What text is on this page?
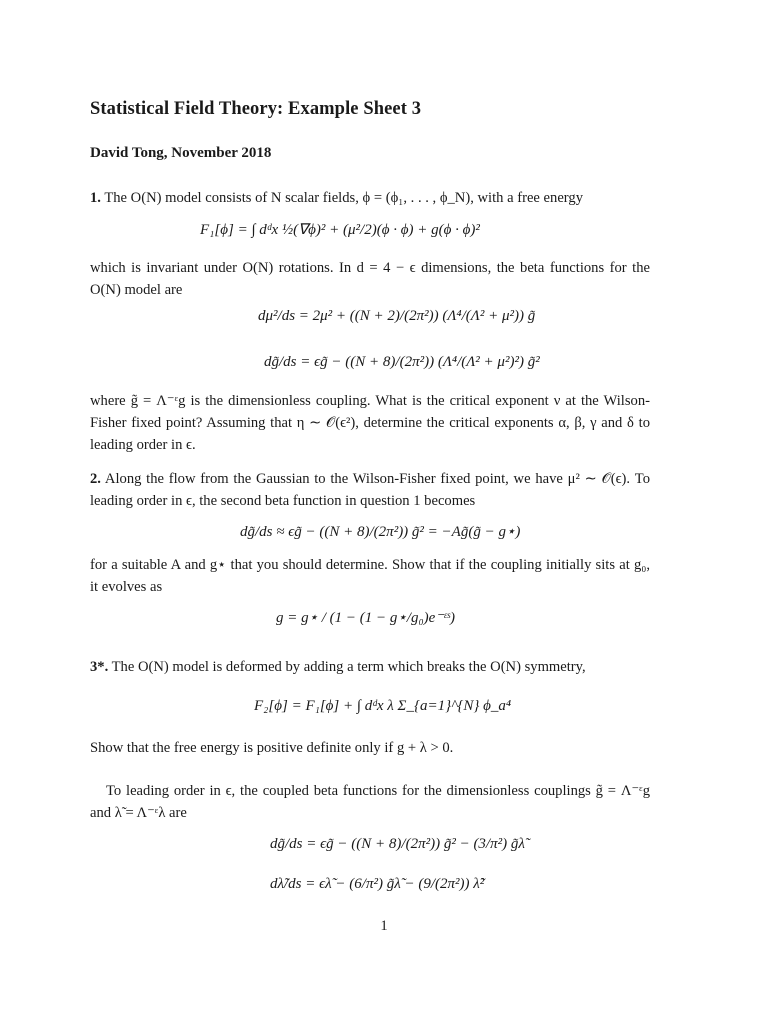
Statistical Field Theory: Example Sheet 3
David Tong, November 2018
1. The O(N) model consists of N scalar fields, ϕ = (ϕ₁, . . . , ϕ_N), with a free energy
F₁[ϕ] = ∫ dᵈx ½(∇ϕ)² + (μ²/2)(ϕ · ϕ) + g(ϕ · ϕ)²
which is invariant under O(N) rotations. In d = 4 − ϵ dimensions, the beta functions for the O(N) model are
dμ²/ds = 2μ² + ((N + 2)/(2π²)) (Λ⁴/(Λ² + μ²)) g̃
dg̃/ds = ϵg̃ − ((N + 8)/(2π²)) (Λ⁴/(Λ² + μ²)²) g̃²
where g̃ = Λ⁻ᵋg is the dimensionless coupling. What is the critical exponent ν at the Wilson-Fisher fixed point? Assuming that η ∼ 𝒪(ϵ²), determine the critical exponents α, β, γ and δ to leading order in ϵ.
2. Along the flow from the Gaussian to the Wilson-Fisher fixed point, we have μ² ∼ 𝒪(ϵ). To leading order in ϵ, the second beta function in question 1 becomes
dg̃/ds ≈ ϵg̃ − ((N + 8)/(2π²)) g̃² = −Ag̃(g̃ − g⋆)
for a suitable A and g⋆ that you should determine. Show that if the coupling initially sits at g₀, it evolves as
g = g⋆ / (1 − (1 − g⋆/g₀)e⁻ᵋˢ)
3*. The O(N) model is deformed by adding a term which breaks the O(N) symmetry,
F₂[ϕ] = F₁[ϕ] + ∫ dᵈx λ Σ_{a=1}^{N} ϕ_a⁴
Show that the free energy is positive definite only if g + λ > 0.
To leading order in ϵ, the coupled beta functions for the dimensionless couplings g̃ = Λ⁻ᵋg and λ̃ = Λ⁻ᵋλ are
dg̃/ds = ϵg̃ − ((N + 8)/(2π²)) g̃² − (3/π²) g̃λ̃
dλ̃/ds = ϵλ̃ − (6/π²) g̃λ̃ − (9/(2π²)) λ̃²
1
